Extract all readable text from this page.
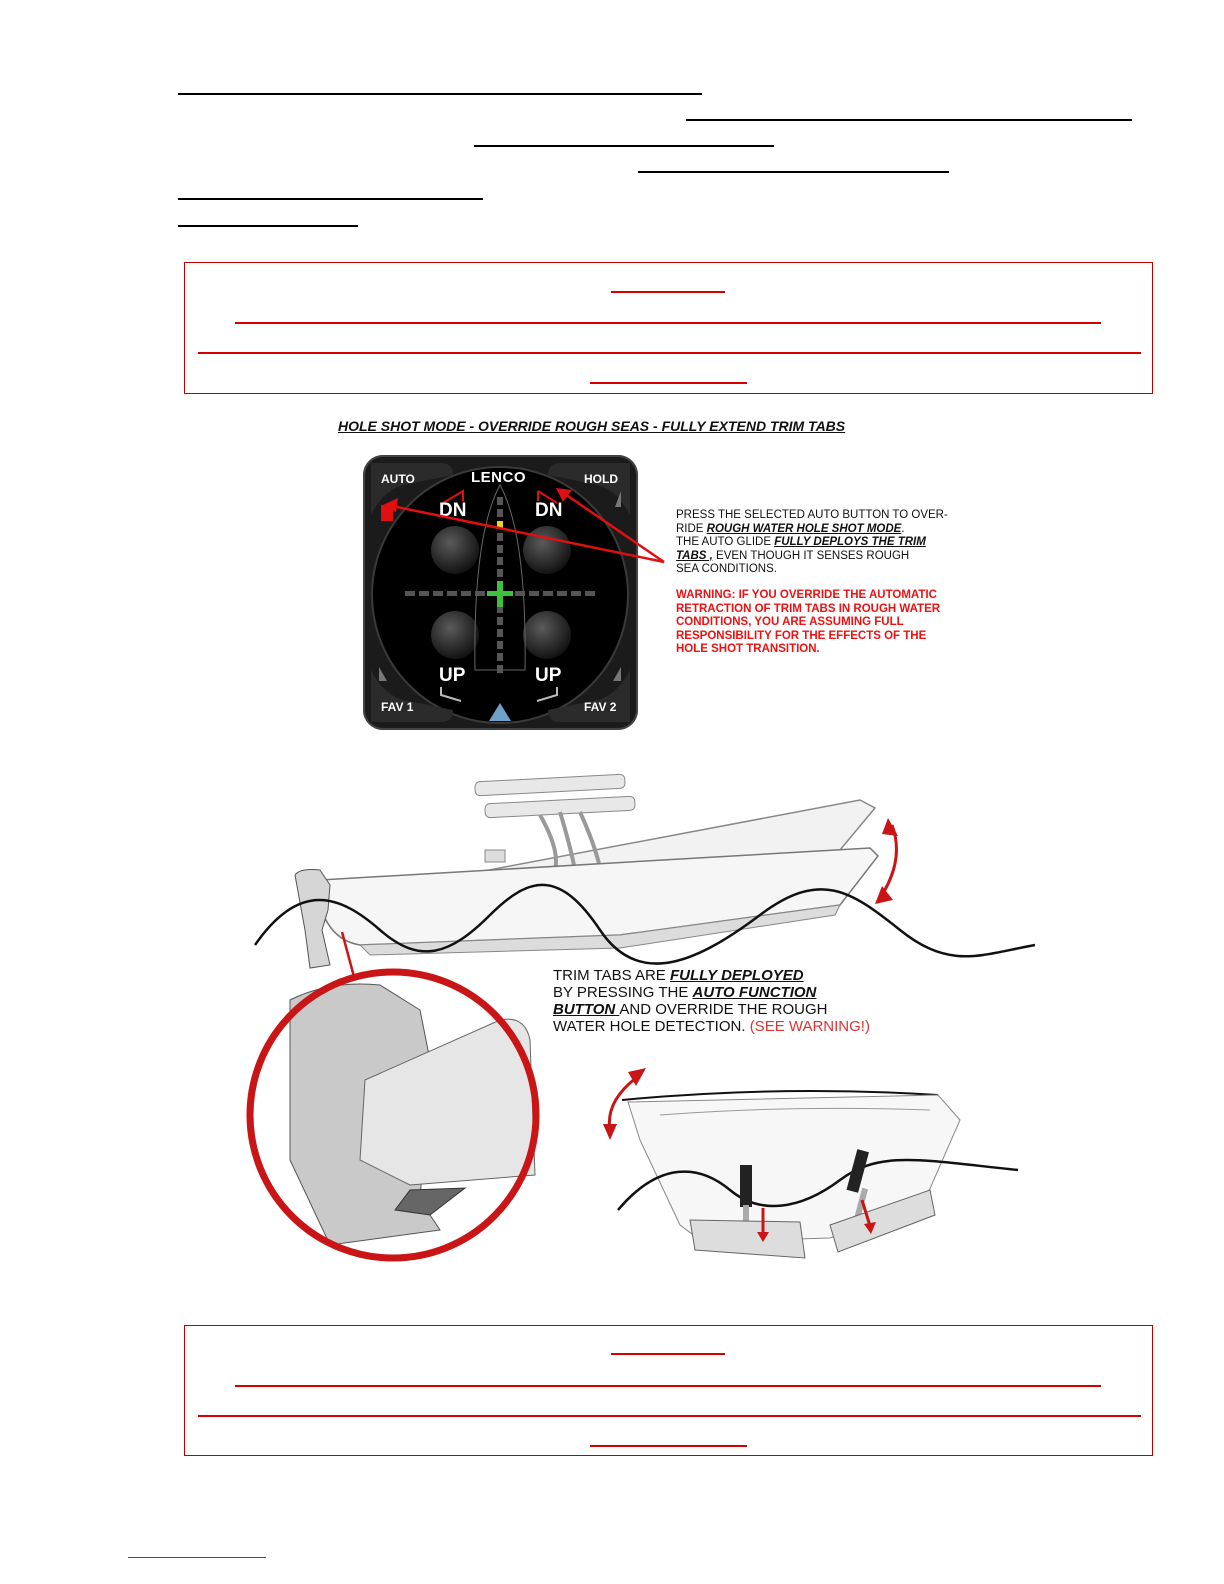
HOLE SHOT MODE - OVERRIDE ROUGH SEAS - FULLY EXTEND TRIM TABS
AUTO	LENCO	HOLD
DN	DN
UP	UP
FAV 1	FAV 2
PRESS THE SELECTED AUTO BUTTON TO OVER-
RIDE ROUGH WATER HOLE SHOT MODE.
THE AUTO GLIDE FULLY DEPLOYS THE TRIM
TABS , EVEN THOUGH IT SENSES ROUGH
SEA CONDITIONS.
WARNING: IF YOU OVERRIDE THE AUTOMATIC
RETRACTION OF TRIM TABS IN ROUGH WATER
CONDITIONS, YOU ARE ASSUMING FULL
RESPONSIBILITY FOR THE EFFECTS OF THE
HOLE SHOT TRANSITION.
TRIM TABS ARE FULLY DEPLOYED
BY PRESSING THE AUTO FUNCTION
BUTTON AND OVERRIDE THE ROUGH
WATER HOLE DETECTION. (SEE WARNING!)
